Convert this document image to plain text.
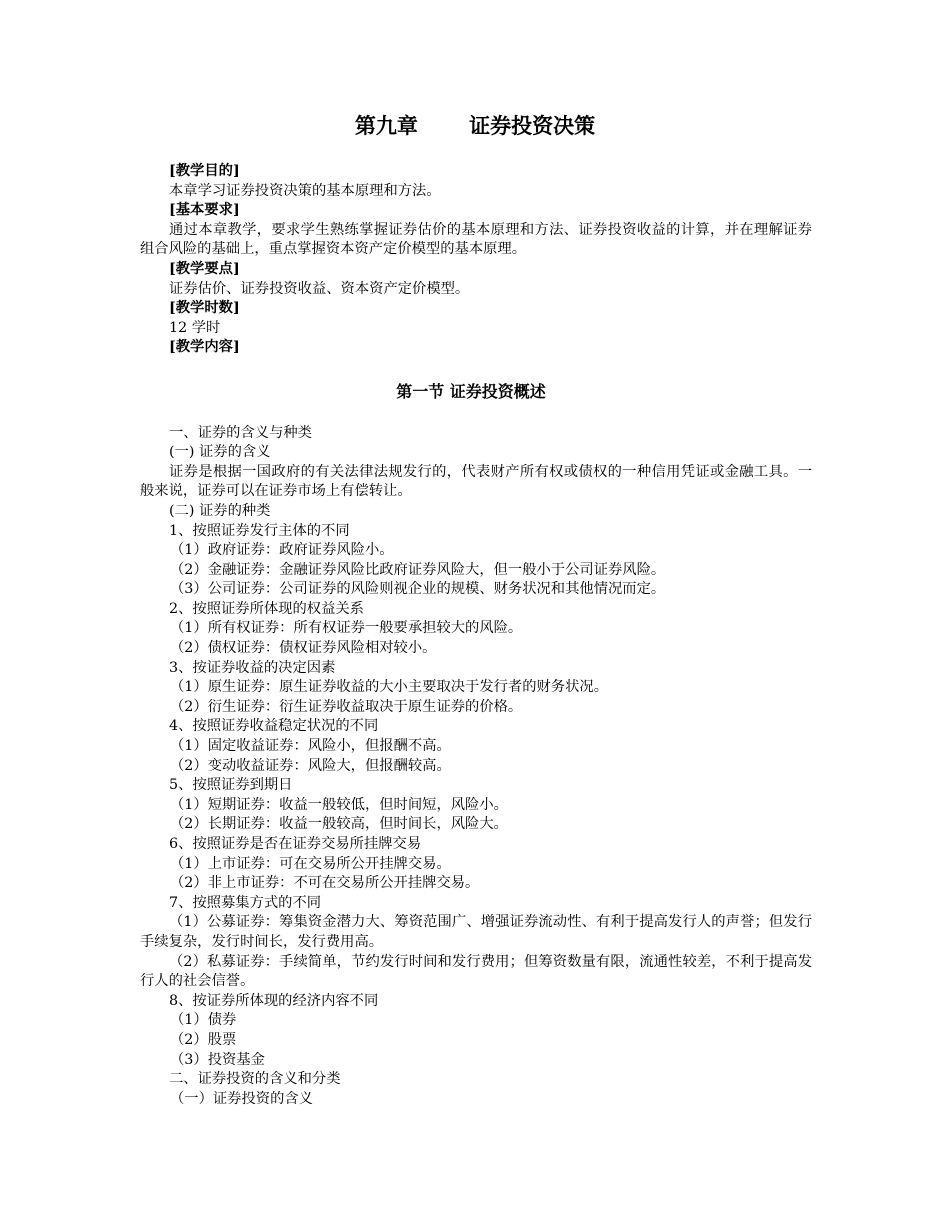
第九章       证券投资决策
[教学目的]
本章学习证券投资决策的基本原理和方法。
[基本要求]
通过本章教学，要求学生熟练掌握证券估价的基本原理和方法、证券投资收益的计算，并在理解证券组合风险的基础上，重点掌握资本资产定价模型的基本原理。
[教学要点]
证券估价、证券投资收益、资本资产定价模型。
[教学时数]
12 学时
[教学内容]
第一节 证券投资概述
一、证券的含义与种类
(一) 证券的含义
证券是根据一国政府的有关法律法规发行的，代表财产所有权或债权的一种信用凭证或金融工具。一般来说，证券可以在证券市场上有偿转让。
(二) 证券的种类
1、按照证券发行主体的不同
（1）政府证券：政府证券风险小。
（2）金融证券：金融证券风险比政府证券风险大，但一般小于公司证券风险。
（3）公司证券：公司证券的风险则视企业的规模、财务状况和其他情况而定。
2、按照证券所体现的权益关系
（1）所有权证券：所有权证券一般要承担较大的风险。
（2）债权证券：债权证券风险相对较小。
3、按证券收益的决定因素
（1）原生证券：原生证券收益的大小主要取决于发行者的财务状况。
（2）衍生证券：衍生证券收益取决于原生证券的价格。
4、按照证券收益稳定状况的不同
（1）固定收益证券：风险小，但报酬不高。
（2）变动收益证券：风险大，但报酬较高。
5、按照证券到期日
（1）短期证券：收益一般较低，但时间短，风险小。
（2）长期证券：收益一般较高，但时间长，风险大。
6、按照证券是否在证券交易所挂牌交易
（1）上市证券：可在交易所公开挂牌交易。
（2）非上市证券：不可在交易所公开挂牌交易。
7、按照募集方式的不同
（1）公募证券：筹集资金潜力大、筹资范围广、增强证券流动性、有利于提高发行人的声誉；但发行手续复杂，发行时间长，发行费用高。
（2）私募证券：手续简单，节约发行时间和发行费用；但筹资数量有限，流通性较差，不利于提高发行人的社会信誉。
8、按证券所体现的经济内容不同
（1）债券
（2）股票
（3）投资基金
二、证券投资的含义和分类
（一）证券投资的含义
